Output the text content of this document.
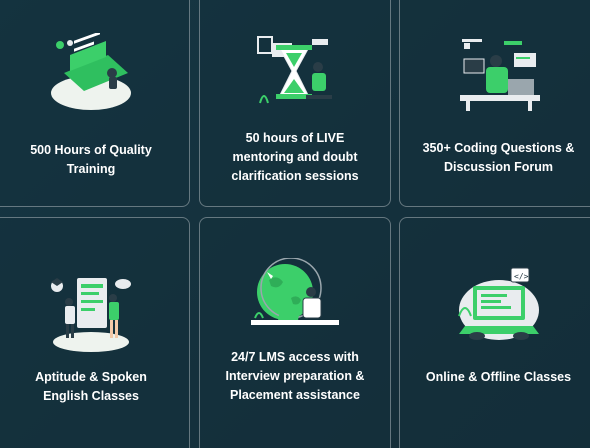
500 Hours of Quality Training
50 hours of LIVE mentoring and doubt clarification sessions
350+ Coding Questions & Discussion Forum
Aptitude & Spoken English Classes
24/7 LMS access with Interview preparation & Placement assistance
</>
Online & Offline Classes
